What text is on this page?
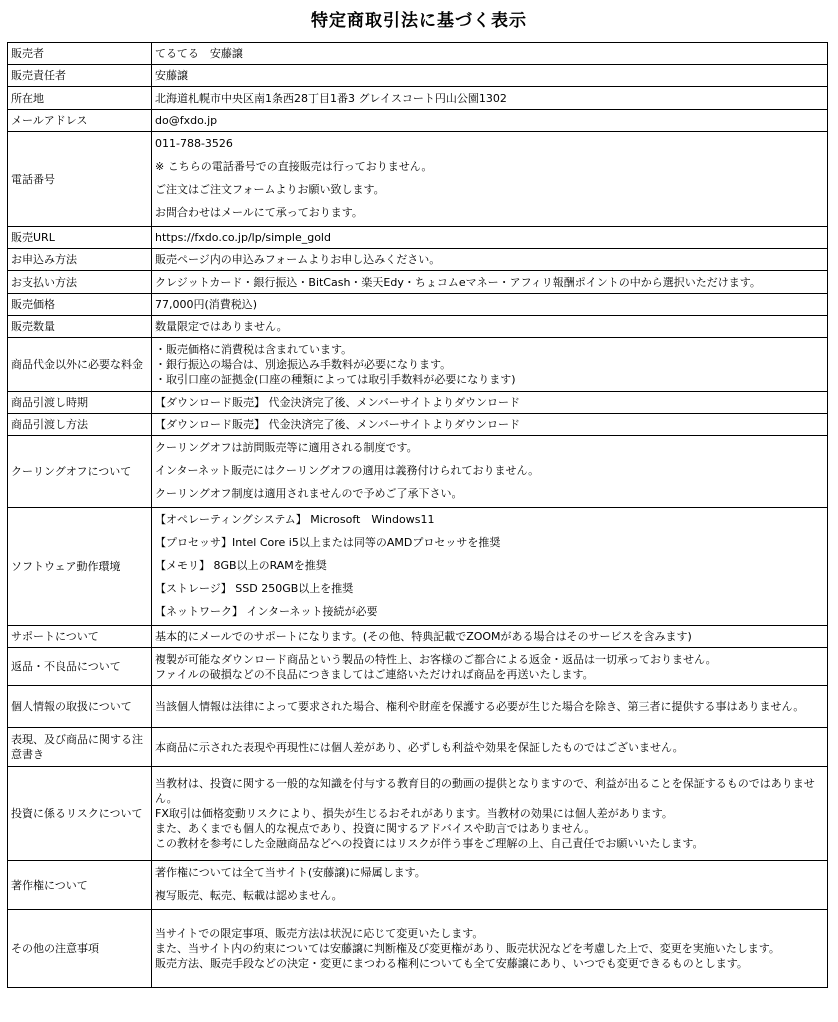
特定商取引法に基づく表示
販売者	てるてる　安藤譲

販売責任者	安藤譲

所在地	北海道札幌市中央区南1条西28丁目1番3 グレイスコート円山公園1302

メールアドレス	do@fxdo.jp

電話番号	011-788-3526
※ こちらの電話番号での直接販売は行っておりません。
ご注文はご注文フォームよりお願い致します。
お問合わせはメールにて承っております。

販売URL	https://fxdo.co.jp/lp/simple_gold

お申込み方法	販売ページ内の申込みフォームよりお申し込みください。

お支払い方法	クレジットカード・銀行振込・BitCash・楽天Edy・ちょコムeマネー・アフィリ報酬ポイントの中から選択いただけます。

販売価格	77,000円(消費税込)

販売数量	数量限定ではありません。

商品代金以外に必要な料金	・販売価格に消費税は含まれています。
・銀行振込の場合は、別途振込み手数料が必要になります。
・取引口座の証拠金(口座の種類によっては取引手数料が必要になります)

商品引渡し時期	【ダウンロード販売】 代金決済完了後、メンバーサイトよりダウンロード

商品引渡し方法	【ダウンロード販売】 代金決済完了後、メンバーサイトよりダウンロード

クーリングオフについて	クーリングオフは訪問販売等に適用される制度です。
インターネット販売にはクーリングオフの適用は義務付けられておりません。
クーリングオフ制度は適用されませんので予めご了承下さい。

ソフトウェア動作環境	【オペレーティングシステム】 Microsoft　Windows11
【プロセッサ】Intel Core i5以上または同等のAMDプロセッサを推奨
【メモリ】 8GB以上のRAMを推奨
【ストレージ】 SSD 250GB以上を推奨
【ネットワーク】 インターネット接続が必要

サポートについて	基本的にメールでのサポートになります。(その他、特典記載でZOOMがある場合はそのサービスを含みます)

返品・不良品について	複製が可能なダウンロード商品という製品の特性上、お客様のご都合による返金・返品は一切承っておりません。
ファイルの破損などの不良品につきましてはご連絡いただければ商品を再送いたします。

個人情報の取扱について	当該個人情報は法律によって要求された場合、権利や財産を保護する必要が生じた場合を除き、第三者に提供する事はありません。

表現、及び商品に関する注意書き	本商品に示された表現や再現性には個人差があり、必ずしも利益や効果を保証したものではございません。

投資に係るリスクについて	当教材は、投資に関する一般的な知識を付与する教育目的の動画の提供となりますので、利益が出ることを保証するものではありません。
FX取引は価格変動リスクにより、損失が生じるおそれがあります。当教材の効果には個人差があります。
また、あくまでも個人的な視点であり、投資に関するアドバイスや助言ではありません。
この教材を参考にした金融商品などへの投資にはリスクが伴う事をご理解の上、自己責任でお願いいたします。

著作権について	著作権については全て当サイト(安藤譲)に帰属します。
複写販売、転売、転載は認めません。

その他の注意事項	当サイトでの限定事項、販売方法は状況に応じて変更いたします。
また、当サイト内の約束については安藤譲に判断権及び変更権があり、販売状況などを考慮した上で、変更を実施いたします。
販売方法、販売手段などの決定・変更にまつわる権利についても全て安藤譲にあり、いつでも変更できるものとします。
